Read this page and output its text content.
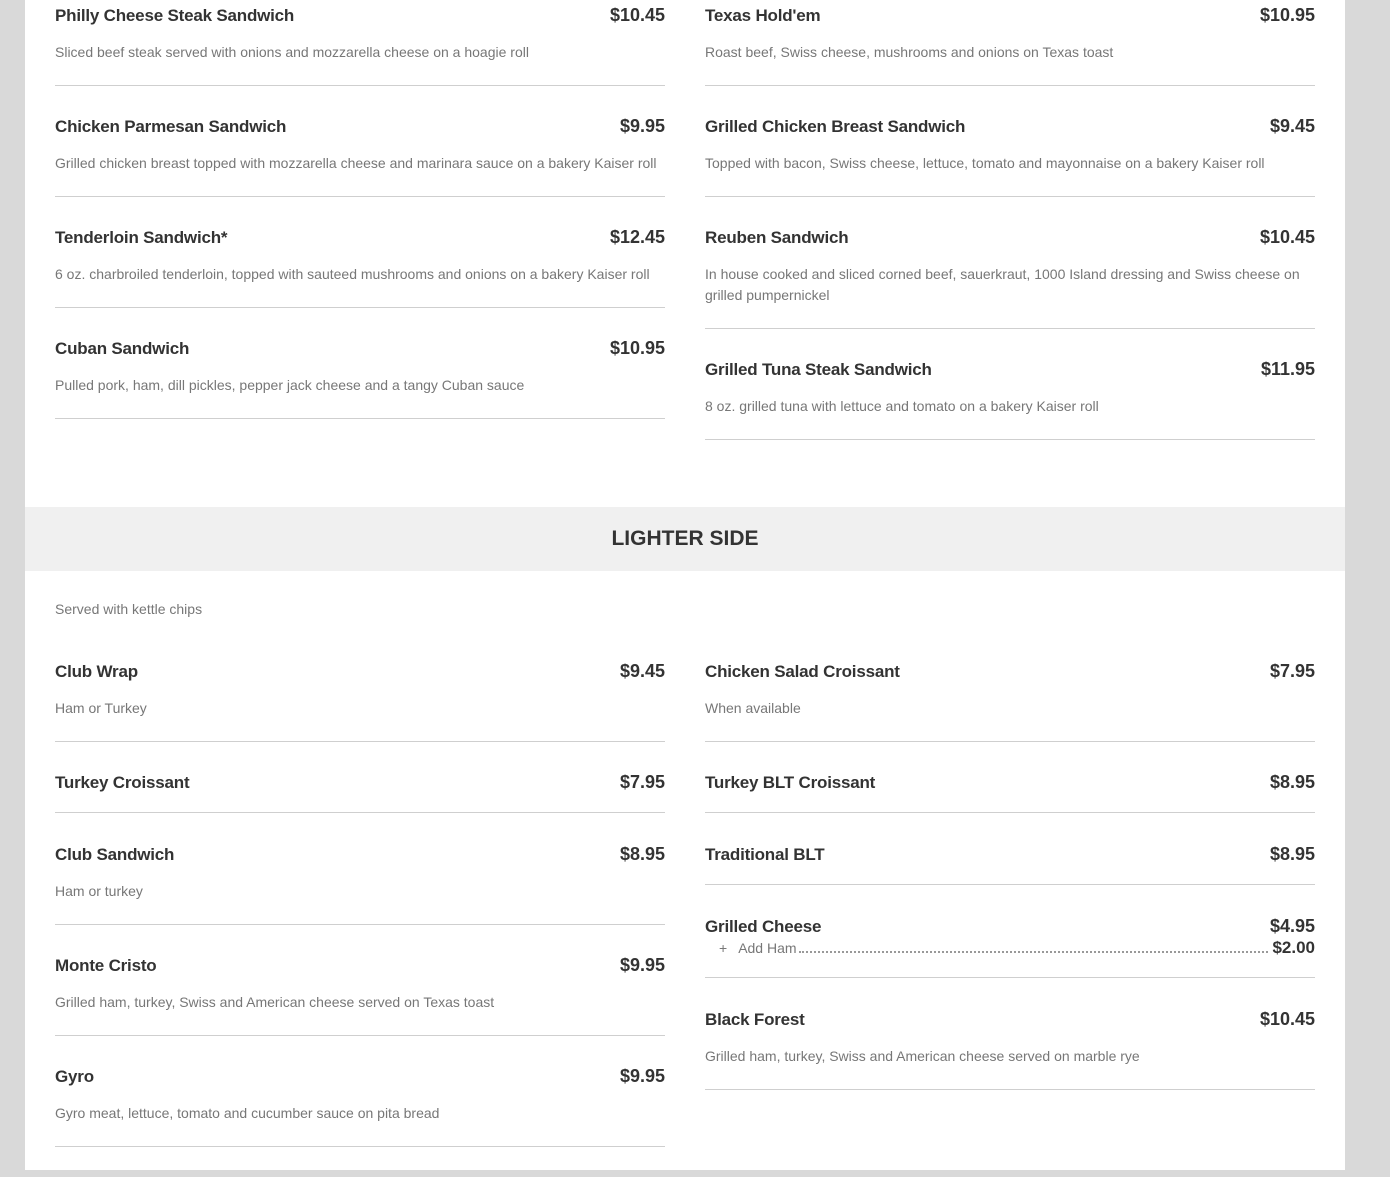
Philly Cheese Steak Sandwich	$10.45
Sliced beef steak served with onions and mozzarella cheese on a hoagie roll
Chicken Parmesan Sandwich	$9.95
Grilled chicken breast topped with mozzarella cheese and marinara sauce on a bakery Kaiser roll
Tenderloin Sandwich*	$12.45
6 oz. charbroiled tenderloin, topped with sauteed mushrooms and onions on a bakery Kaiser roll
Cuban Sandwich	$10.95
Pulled pork, ham, dill pickles, pepper jack cheese and a tangy Cuban sauce
Texas Hold'em	$10.95
Roast beef, Swiss cheese, mushrooms and onions on Texas toast
Grilled Chicken Breast Sandwich	$9.45
Topped with bacon, Swiss cheese, lettuce, tomato and mayonnaise on a bakery Kaiser roll
Reuben Sandwich	$10.45
In house cooked and sliced corned beef, sauerkraut, 1000 Island dressing and Swiss cheese on grilled pumpernickel
Grilled Tuna Steak Sandwich	$11.95
8 oz. grilled tuna with lettuce and tomato on a bakery Kaiser roll
LIGHTER SIDE
Served with kettle chips
Club Wrap	$9.45
Ham or Turkey
Turkey Croissant	$7.95
Club Sandwich	$8.95
Ham or turkey
Monte Cristo	$9.95
Grilled ham, turkey, Swiss and American cheese served on Texas toast
Gyro	$9.95
Gyro meat, lettuce, tomato and cucumber sauce on pita bread
Chicken Salad Croissant	$7.95
When available
Turkey BLT Croissant	$8.95
Traditional BLT	$8.95
Grilled Cheese	$4.95
+ Add Ham	$2.00
Black Forest	$10.45
Grilled ham, turkey, Swiss and American cheese served on marble rye
